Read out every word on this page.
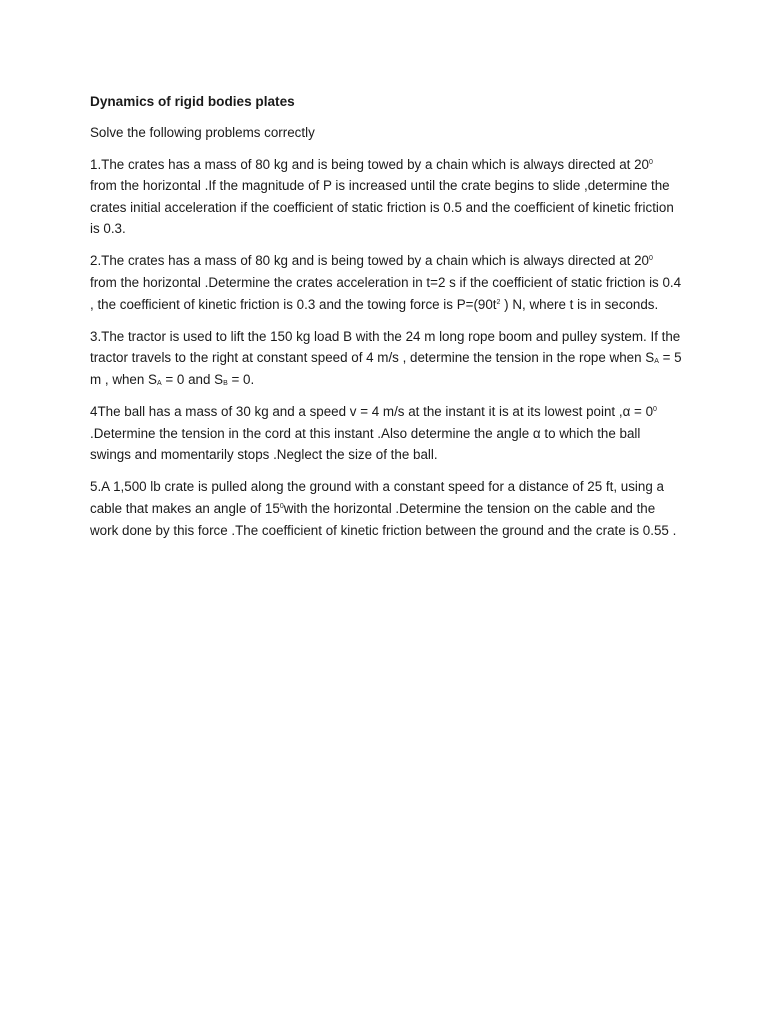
Dynamics of rigid bodies plates
Solve the following problems correctly
1.The crates has a mass of 80 kg and is being towed by a chain which is always directed at $20^0$ from the horizontal .If the magnitude of P is increased until the crate begins to slide ,determine the crates initial acceleration if the coefficient of static friction is 0.5 and the coefficient of kinetic friction is 0.3.
2.The crates has a mass of 80 kg and is being towed by a chain which is always directed at $20^0$ from the horizontal .Determine the crates acceleration in t=2 s if the coefficient of static friction is 0.4 , the coefficient of kinetic friction is 0.3 and the towing force is $P=(90t^2$ ) N, where t is in seconds.
3.The tractor is used to lift the 150 kg load B with the 24 m long rope boom and pulley system. If the tractor travels to the right at constant speed of 4 m/s , determine the tension in the rope when $S_A = 5$ m , when $S_A = 0$ and $S_B = 0$.
4The ball has a mass of 30 kg and a speed v = 4 m/s at the instant it is at its lowest point $,\alpha = 0^0$ .Determine the tension in the cord at this instant .Also determine the angle α to which the ball swings and momentarily stops .Neglect the size of the ball.
5.A 1,500 lb crate is pulled along the ground with a constant speed for a distance of 25 ft, using a cable that makes an angle of $15^0with$ the horizontal .Determine the tension on the cable and the work done by this force .The coefficient of kinetic friction between the ground and the crate is 0.55 .
